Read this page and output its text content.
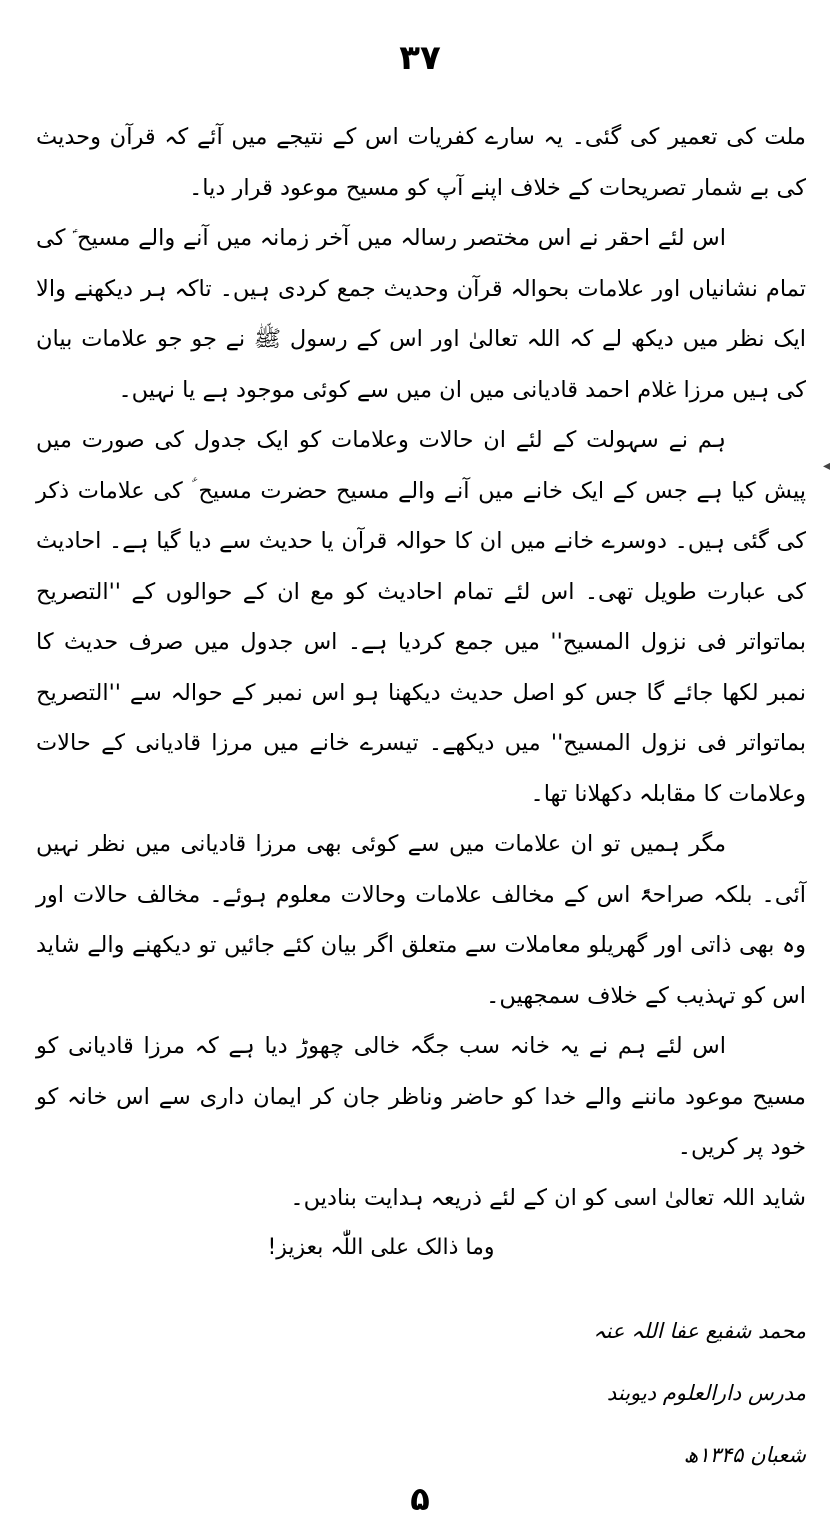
۳۷
◂

ملت کی تعمیر کی گئی۔ یہ سارے کفریات اس کے نتیجے میں آئے کہ قرآن وحدیث کی بے شمار تصریحات کے خلاف اپنے آپ کو مسیح موعود قرار دیا۔

اس لئے احقر نے اس مختصر رسالہ میں آخر زمانہ میں آنے والے مسیح ؑ کی تمام نشانیاں اور علامات بحوالہ قرآن وحدیث جمع کردی ہیں۔ تاکہ ہر دیکھنے والا ایک نظر میں دیکھ لے کہ اللہ تعالیٰ اور اس کے رسول ﷺ نے جو جو علامات بیان کی ہیں مرزا غلام احمد قادیانی میں ان میں سے کوئی موجود ہے یا نہیں۔

ہم نے سہولت کے لئے ان حالات وعلامات کو ایک جدول کی صورت میں پیش کیا ہے جس کے ایک خانے میں آنے والے مسیح حضرت مسیح ؑ کی علامات ذکر کی گئی ہیں۔ دوسرے خانے میں ان کا حوالہ قرآن یا حدیث سے دیا گیا ہے۔ احادیث کی عبارت طویل تھی۔ اس لئے تمام احادیث کو مع ان کے حوالوں کے ''التصریح بماتواتر فی نزول المسیح'' میں جمع کردیا ہے۔ اس جدول میں صرف حدیث کا نمبر لکھا جائے گا جس کو اصل حدیث دیکھنا ہو اس نمبر کے حوالہ سے ''التصریح بماتواتر فی نزول المسیح'' میں دیکھے۔ تیسرے خانے میں مرزا قادیانی کے حالات وعلامات کا مقابلہ دکھلانا تھا۔

مگر ہمیں تو ان علامات میں سے کوئی بھی مرزا قادیانی میں نظر نہیں آئی۔ بلکہ صراحۃً اس کے مخالف علامات وحالات معلوم ہوئے۔ مخالف حالات اور وہ بھی ذاتی اور گھریلو معاملات سے متعلق اگر بیان کئے جائیں تو دیکھنے والے شاید اس کو تہذیب کے خلاف سمجھیں۔

اس لئے ہم نے یہ خانہ سب جگہ خالی چھوڑ دیا ہے کہ مرزا قادیانی کو مسیح موعود ماننے والے خدا کو حاضر وناظر جان کر ایمان داری سے اس خانہ کو خود پر کریں۔

شاید اللہ تعالیٰ اسی کو ان کے لئے ذریعہ ہدایت بنادیں۔

وما ذالک علی اللّٰہ بعزیز!
محمد شفیع عفا اللہ عنہ
مدرس دارالعلوم دیوبند
شعبان ۱۳۴۵ھ
۵
